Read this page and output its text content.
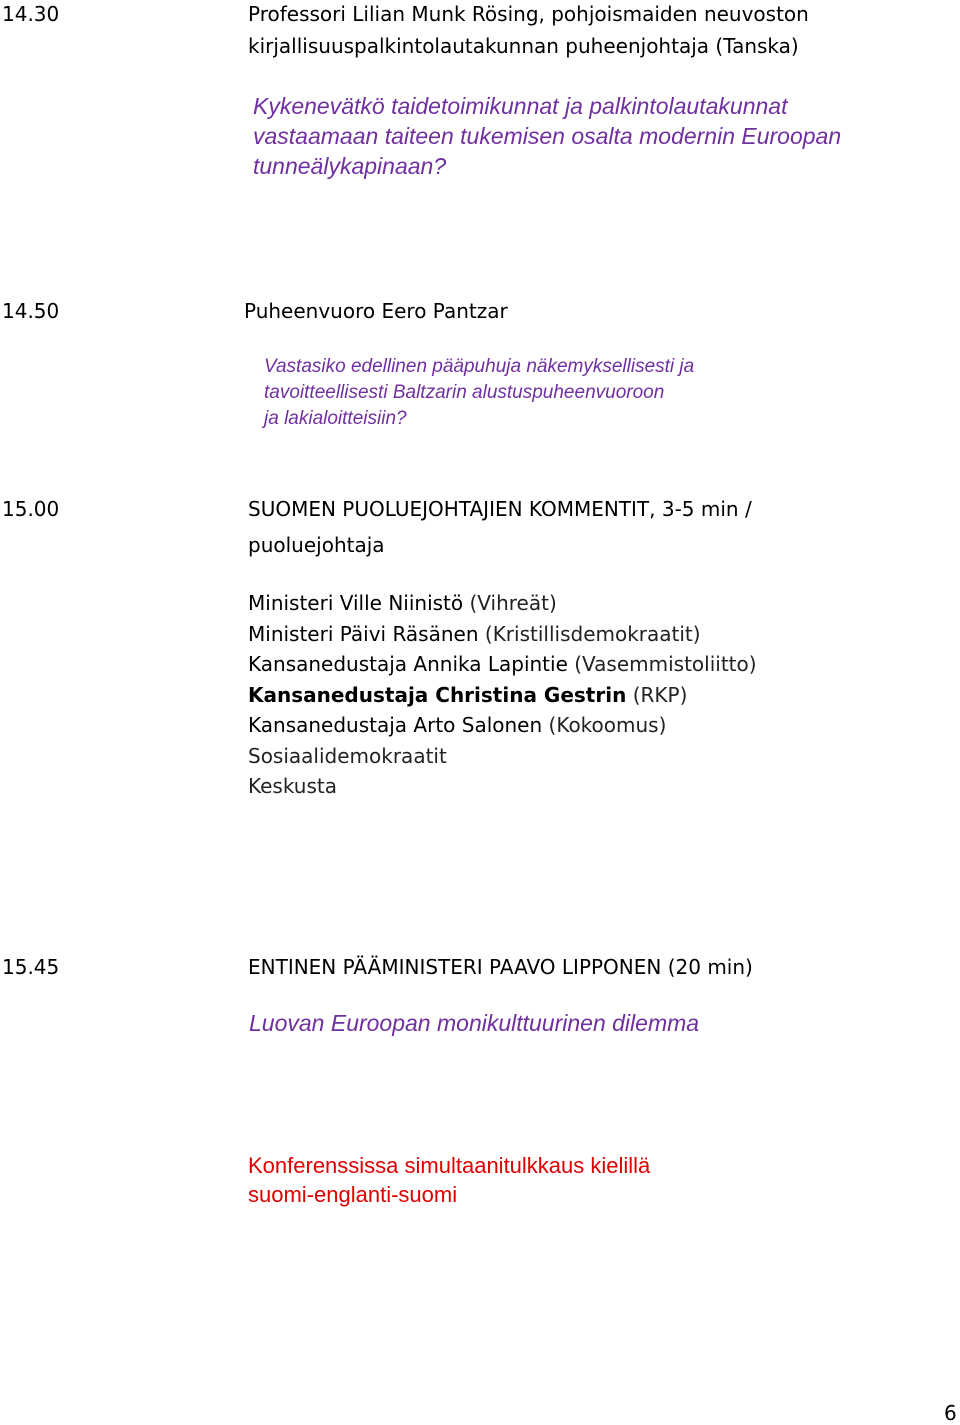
14.30	Professori Lilian Munk Rösing, pohjoismaiden neuvoston

kirjallisuuspalkintolautakunnan puheenjohtaja (Tanska)

Kykenevätkö taidetoimikunnat ja palkintolautakunnat

vastaamaan taiteen tukemisen osalta modernin Euroopan

tunneälykapinaan?

14.50	Puheenvuoro Eero Pantzar

Vastasiko edellinen pääpuhuja näkemyksellisesti ja

tavoitteellisesti Baltzarin alustuspuheenvuoroon

ja lakialoitteisiin?

15.00	SUOMEN PUOLUEJOHTAJIEN KOMMENTIT, 3-5 min /

puoluejohtaja

Ministeri Ville Niinistö (Vihreät)
Ministeri Päivi Räsänen (Kristillisdemokraatit)
Kansanedustaja Annika Lapintie (Vasemmistoliitto)
Kansanedustaja Christina Gestrin (RKP)
Kansanedustaja Arto Salonen (Kokoomus)
Sosiaalidemokraatit
Keskusta

15.45	ENTINEN PÄÄMINISTERI PAAVO LIPPONEN (20 min)

Luovan Euroopan monikulttuurinen dilemma

Konferenssissa simultaanitulkkaus kielillä

suomi-englanti-suomi

6
